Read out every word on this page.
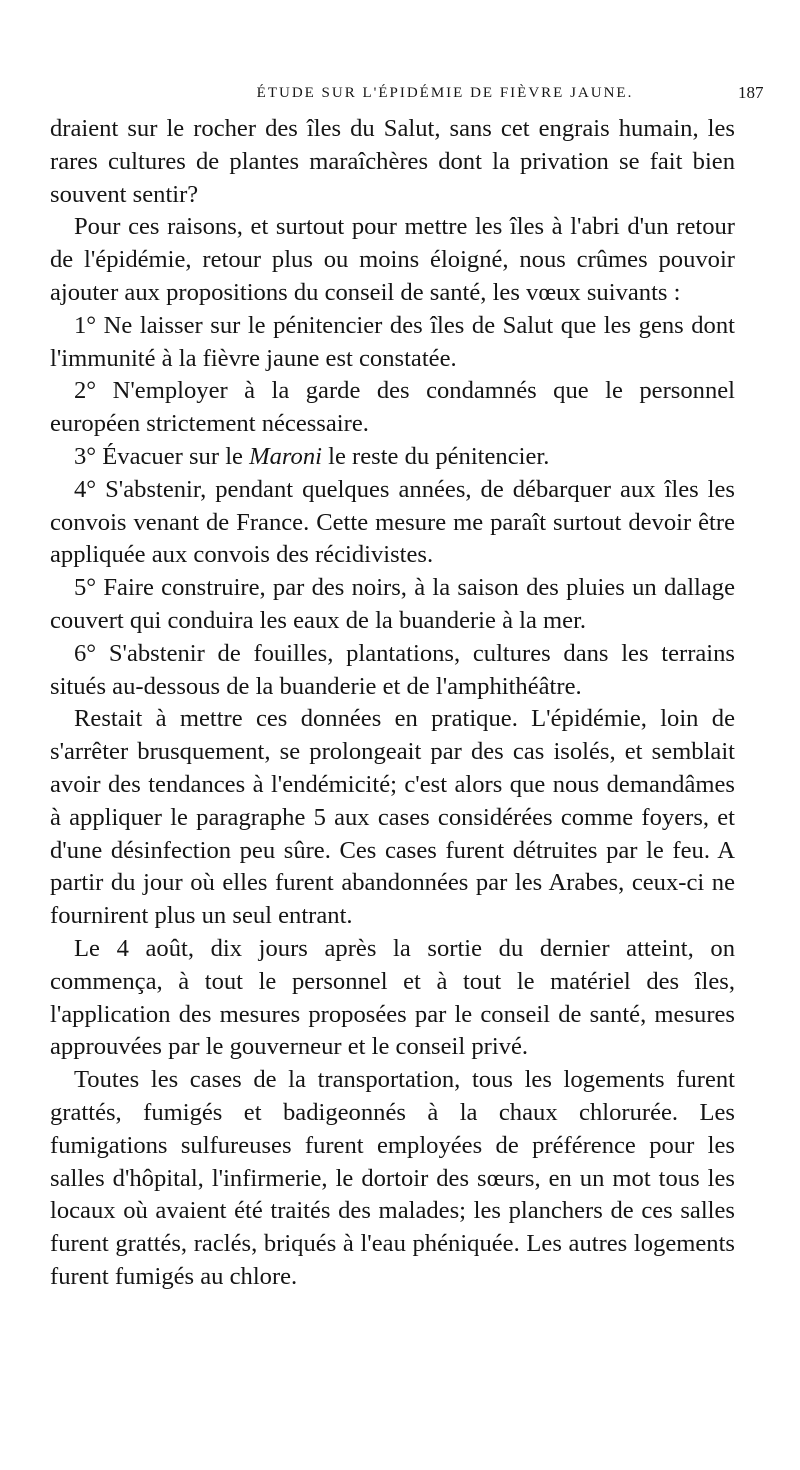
ÉTUDE SUR L'ÉPIDÉMIE DE FIÈVRE JAUNE.	187

draient sur le rocher des îles du Salut, sans cet engrais humain, les rares cultures de plantes maraîchères dont la privation se fait bien souvent sentir?

Pour ces raisons, et surtout pour mettre les îles à l'abri d'un retour de l'épidémie, retour plus ou moins éloigné, nous crûmes pouvoir ajouter aux propositions du conseil de santé, les vœux suivants :

1° Ne laisser sur le pénitencier des îles de Salut que les gens dont l'immunité à la fièvre jaune est constatée.

2° N'employer à la garde des condamnés que le personnel européen strictement nécessaire.

3° Évacuer sur le Maroni le reste du pénitencier.

4° S'abstenir, pendant quelques années, de débarquer aux îles les convois venant de France. Cette mesure me paraît surtout devoir être appliquée aux convois des récidivistes.

5° Faire construire, par des noirs, à la saison des pluies un dallage couvert qui conduira les eaux de la buanderie à la mer.

6° S'abstenir de fouilles, plantations, cultures dans les terrains situés au-dessous de la buanderie et de l'amphithéâtre.

Restait à mettre ces données en pratique. L'épidémie, loin de s'arrêter brusquement, se prolongeait par des cas isolés, et semblait avoir des tendances à l'endémicité; c'est alors que nous demandâmes à appliquer le paragraphe 5 aux cases considérées comme foyers, et d'une désinfection peu sûre. Ces cases furent détruites par le feu. A partir du jour où elles furent abandonnées par les Arabes, ceux-ci ne fournirent plus un seul entrant.

Le 4 août, dix jours après la sortie du dernier atteint, on commença, à tout le personnel et à tout le matériel des îles, l'application des mesures proposées par le conseil de santé, mesures approuvées par le gouverneur et le conseil privé.

Toutes les cases de la transportation, tous les logements furent grattés, fumigés et badigeonnés à la chaux chlorurée. Les fumigations sulfureuses furent employées de préférence pour les salles d'hôpital, l'infirmerie, le dortoir des sœurs, en un mot tous les locaux où avaient été traités des malades; les planchers de ces salles furent grattés, raclés, briqués à l'eau phéniquée. Les autres logements furent fumigés au chlore.
